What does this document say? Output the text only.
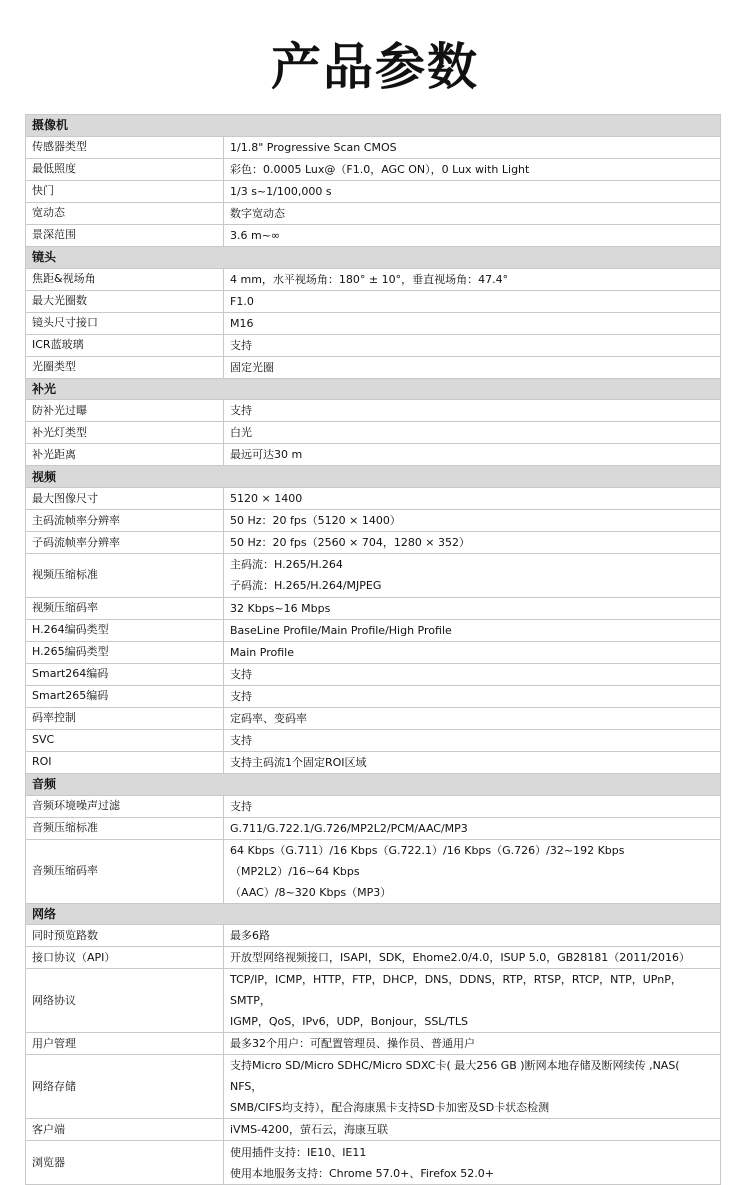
产品参数
摄像机	
传感器类型	1/1.8" Progressive Scan CMOS

最低照度	彩色：0.0005 Lux@（F1.0，AGC ON），0 Lux with Light

快门	1/3 s~1/100,000 s

宽动态	数字宽动态

景深范围	3.6 m~∞

镜头	
焦距&视场角	4 mm，水平视场角：180° ± 10°，垂直视场角：47.4°

最大光圈数	F1.0

镜头尺寸接口	M16

ICR蓝玻璃	支持

光圈类型	固定光圈

补光	
防补光过曝	支持

补光灯类型	白光

补光距离	最远可达30 m

视频	
最大图像尺寸	5120 × 1400

主码流帧率分辨率	50 Hz：20 fps（5120 × 1400）

子码流帧率分辨率	50 Hz：20 fps（2560 × 704，1280 × 352）

视频压缩标准	主码流：H.265/H.264
子码流：H.265/H.264/MJPEG

视频压缩码率	32 Kbps~16 Mbps

H.264编码类型	BaseLine Profile/Main Profile/High Profile

H.265编码类型	Main Profile

Smart264编码	支持

Smart265编码	支持

码率控制	定码率、变码率

SVC	支持

ROI	支持主码流1个固定ROI区域

音频	
音频环境噪声过滤	支持

音频压缩标准	G.711/G.722.1/G.726/MP2L2/PCM/AAC/MP3

音频压缩码率	64 Kbps（G.711）/16 Kbps（G.722.1）/16 Kbps（G.726）/32~192 Kbps（MP2L2）/16~64 Kbps
（AAC）/8~320 Kbps（MP3）

网络	
同时预览路数	最多6路

接口协议（API）	开放型网络视频接口，ISAPI，SDK，Ehome2.0/4.0，ISUP 5.0，GB28181（2011/2016）

网络协议	TCP/IP，ICMP，HTTP，FTP，DHCP，DNS，DDNS，RTP，RTSP，RTCP，NTP，UPnP，SMTP，
IGMP，QoS，IPv6，UDP，Bonjour，SSL/TLS

用户管理	最多32个用户：可配置管理员、操作员、普通用户

网络存储	支持Micro SD/Micro SDHC/Micro SDXC卡( 最大256 GB )断网本地存储及断网续传 ,NAS( NFS，
SMB/CIFS均支持），配合海康黑卡支持SD卡加密及SD卡状态检测

客户端	iVMS-4200，萤石云，海康互联

浏览器	使用插件支持：IE10、IE11
使用本地服务支持：Chrome 57.0+、Firefox 52.0+
